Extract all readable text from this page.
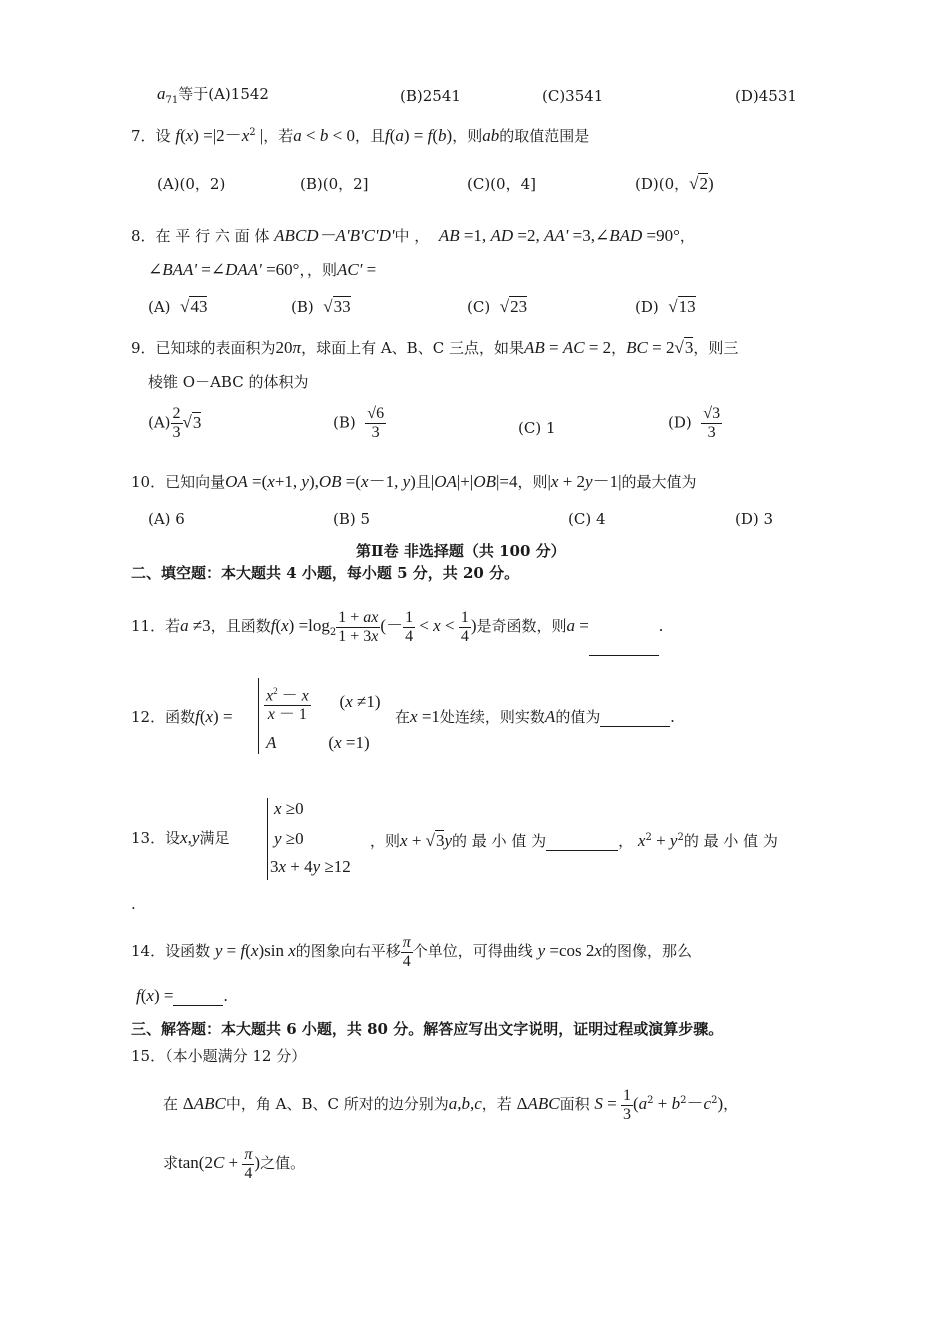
$a_{71}$等于(A)1542	(B)2541	(C)3541	(D)4531
7．设 $f(x) =|2-x^2$ |，若a < b < 0，且f(a) = f(b)，则ab的取值范围是
(A)(0，2)	(B)(0，2]	(C)(0，4]	(D)(0，√2)
8．在 平 行 六 面 体 ABCD－A'B'C'D'中 ， AB =1, AD =2, AA' =3,∠BAD =90°，
∠BAA' =∠DAA' =60°，，则AC' =
(A) √43	(B) √33	(C) √23	(D) √13
9．已知球的表面积为20π，球面上有 A、B、C 三点，如果AB = AC = 2，BC = 2√3，则三
棱锥 O－ABC 的体积为
$(A) \frac{2}{3} √3$	$(B) \frac{√6}{3}$	(C) 1	$(D) \frac{√3}{3}$
10．已知向量OA =(x+1, y),OB =(x－1, y)且|OA|+|OB|=4，则|x + 2y－1|的最大值为
(A) 6	(B) 5	(C) 4	(D) 3
第Ⅱ卷 非选择题（共 100 分）
二、填空题：本大题共 4 小题，每小题 5 分，共 20 分。
11．若a ≠3，且函数$f(x) =\log_2 \frac{1 + ax}{1 + 3x}$ (－ $\frac{1}{4} < x < \frac{1}{4}$ )是奇函数，则a =	.
12．函数$f(x) = \frac{x^2 - x}{x - 1} (x \ne 1)$
A	(x =1)
在x =1处连续，则实数A的值为	.
13．设x,y满足
x ≥0
y ≥0
3x + 4y ≥12
，则x + √3y的 最 小 值 为	， $x^2 + y^2$的 最 小 值 为
.
14．设函数 y = f(x)sin x的图象向右平移 $\frac{\pi}{4}$ 个单位，可得曲线 y =cos 2x的图像，那么
f(x) =	.
三、解答题：本大题共 6 小题，共 80 分。解答应写出文字说明，证明过程或演算步骤。
15．（本小题满分 12 分）
在 ΔABC中，角 A、B、C 所对的边分别为a,b,c，若 ΔABC面积 $S = \frac{1}{3} (a^2 + b^2-c^2)$，
求$\tan(2C + \frac{\pi}{4}$ )之值。
